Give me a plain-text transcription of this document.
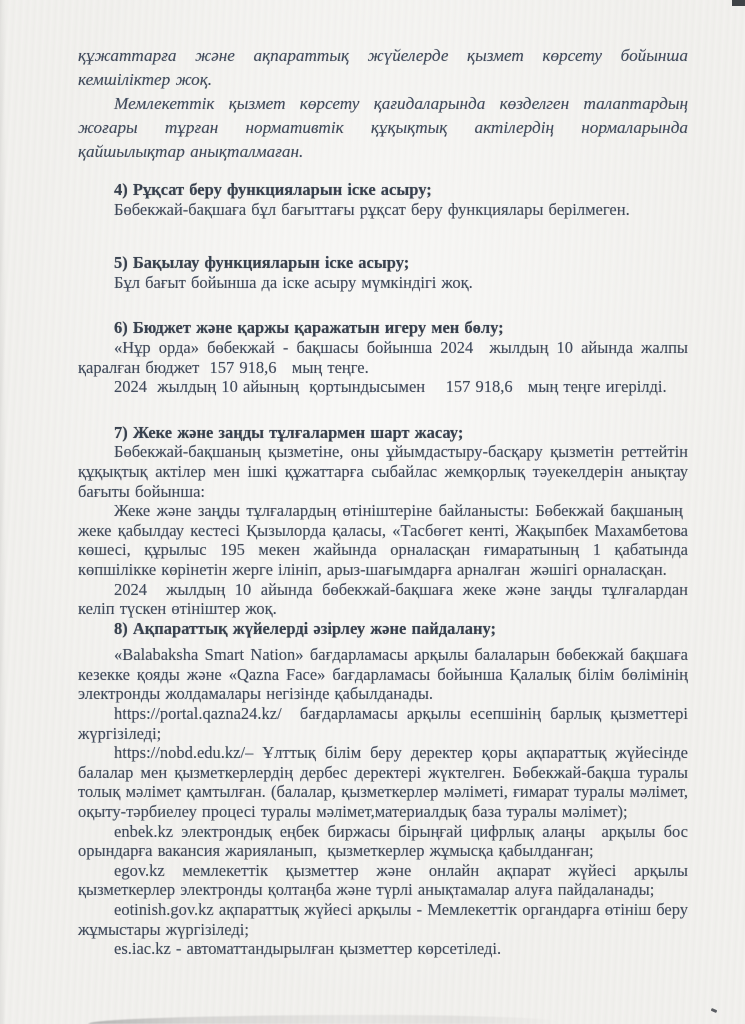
құжаттарға және ақпараттық жүйелерде қызмет көрсету бойынша кемшіліктер жоқ.

Мемлекеттік қызмет көрсету қағидаларында көзделген талаптардың жоғары тұрған нормативтік құқықтық актілердің нормаларында қайшылықтар анықталмаған.

4) Рұқсат беру функцияларын іске асыру;

Бөбекжай-бақшаға бұл бағыттағы рұқсат беру функциялары берілмеген.

5) Бақылау функцияларын іске асыру;

Бұл бағыт бойынша да іске асыру мүмкіндігі жоқ.

6) Бюджет және қаржы қаражатын игеру мен бөлу;

«Нұр орда» бөбекжай - бақшасы бойынша 2024  жылдың 10 айында жалпы қаралған бюджет  157 918,6   мың теңге.

2024  жылдың 10 айының  қортындысымен    157 918,6   мың теңге игерілді.

7) Жеке және заңды тұлғалармен шарт жасау;

Бөбекжай-бақшаның қызметіне, оны ұйымдастыру-басқару қызметін реттейтін құқықтық актілер мен ішкі құжаттарға сыбайлас жемқорлық тәуекелдерін анықтау бағыты бойынша:

Жеке және заңды тұлғалардың өтініштеріне байланысты: Бөбекжай бақшаның  жеке қабылдау кестесі Қызылорда қаласы, «Тасбөгет кенті, Жақыпбек Махамбетова көшесі, құрылыс 195 мекен жайында орналасқан ғимаратының 1 қабатында көпшілікке көрінетін жерге ілініп, арыз-шағымдарға арналған  жәшігі орналасқан.

2024  жылдың 10 айында бөбекжай-бақшаға жеке және заңды тұлғалардан келіп түскен өтініштер жоқ.

8) Ақпараттық жүйелерді әзірлеу және пайдалану;

«Balabaksha Smart Nation» бағдарламасы арқылы балаларын бөбекжай бақшаға кезекке қояды және «Qazna Face» бағдарламасы бойынша Қалалық білім бөлімінің электронды жолдамалары негізінде қабылданады.

https://portal.qazna24.kz/  бағдарламасы арқылы есепшінің барлық қызметтері жүргізіледі;

https://nobd.edu.kz/– Ұлттық білім беру деректер қоры ақпараттық жүйесінде балалар мен қызметкерлердің дербес деректері жүктелген. Бөбекжай-бақша туралы толық мәлімет қамтылған. (балалар, қызметкерлер мәліметі, ғимарат туралы мәлімет, оқыту-тәрбиелеу процесі туралы мәлімет,материалдық база туралы мәлімет);

enbek.kz электрондық еңбек биржасы бірыңғай цифрлық алаңы  арқылы бос орындарға вакансия жарияланып,  қызметкерлер жұмысқа қабылданған;

egov.kz мемлекеттік қызметтер және онлайн ақпарат жүйесі арқылы қызметкерлер электронды қолтаңба және түрлі анықтамалар алуға пайдаланады;

eotinish.gov.kz ақпараттық жүйесі арқылы - Мемлекеттік органдарға өтініш беру жұмыстары жүргізіледі;

es.iac.kz - автоматтандырылған қызметтер көрсетіледі.
